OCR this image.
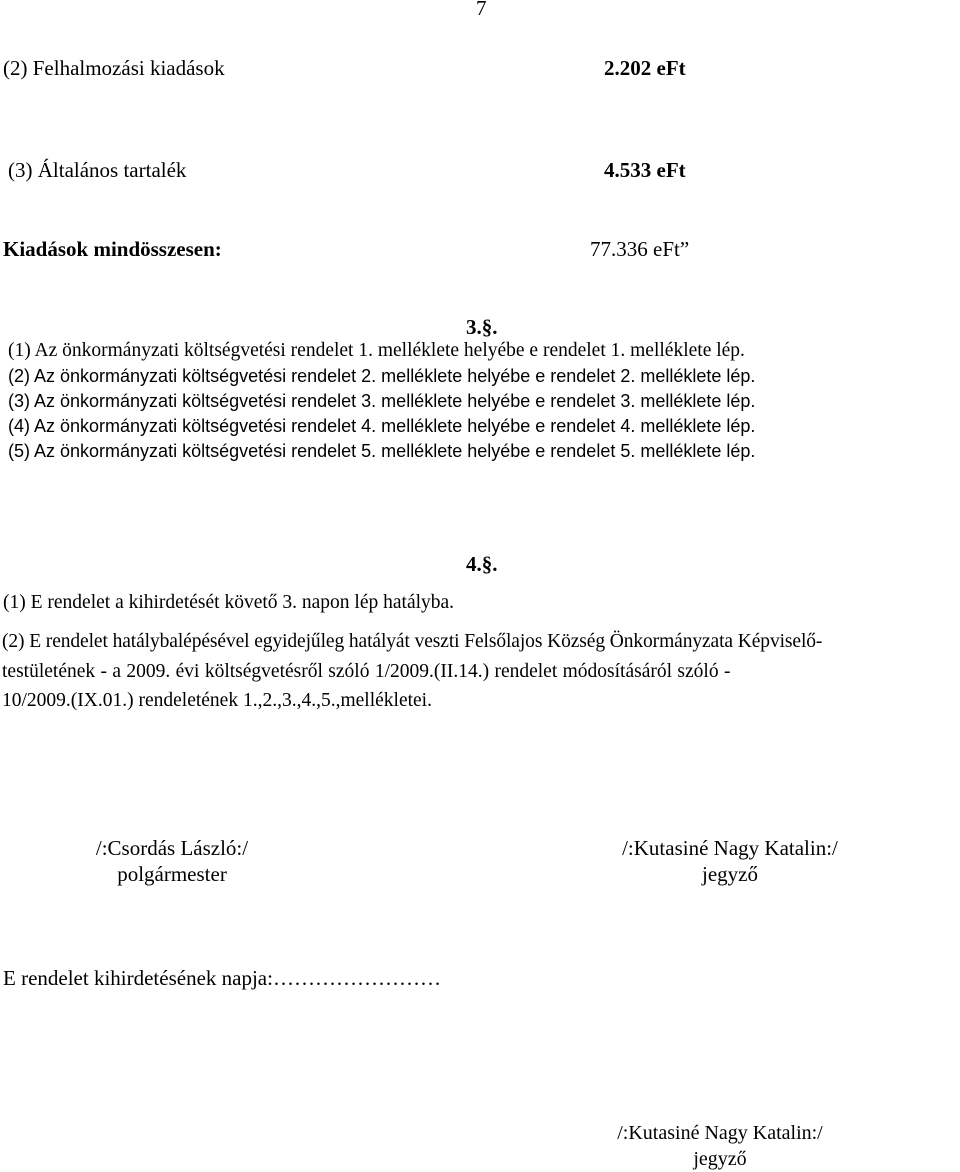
7
(2) Felhalmozási kiadások	2.202 eFt
(3) Általános tartalék	4.533 eFt
Kiadások mindösszesen:	77.336 eFt”
3.§.
(1) Az önkormányzati költségvetési rendelet 1. melléklete helyébe e rendelet 1. melléklete lép.
(2) Az önkormányzati költségvetési rendelet 2. melléklete helyébe e rendelet 2. melléklete lép.
(3) Az önkormányzati költségvetési rendelet 3. melléklete helyébe e rendelet 3. melléklete lép.
(4) Az önkormányzati költségvetési rendelet 4. melléklete helyébe e rendelet 4. melléklete lép.
(5) Az önkormányzati költségvetési rendelet 5. melléklete helyébe e rendelet 5. melléklete lép.
4.§.
(1) E rendelet a kihirdetését követő 3. napon lép hatályba.
(2) E rendelet hatálybalépésével egyidejűleg hatályát veszti Felsőlajos Község Önkormányzata Képviselő-
testületének - a 2009. évi költségvetésről szóló 1/2009.(II.14.) rendelet módosításáról szóló -
10/2009.(IX.01.) rendeletének 1.,2.,3.,4.,5.,mellékletei.
/:Csordás László:/
polgármester
/:Kutasiné Nagy Katalin:/
jegyző
E rendelet kihirdetésének napja:……………………
/:Kutasiné Nagy Katalin:/
jegyző
